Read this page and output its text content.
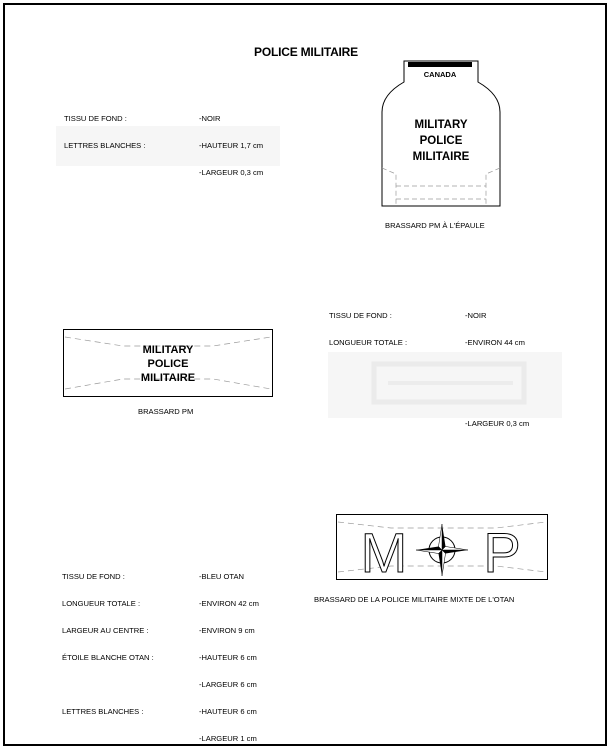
POLICE MILITAIRE

TISSU DE FOND :

LETTRES BLANCHES :

-NOIR

-HAUTEUR 1,7 cm

-LARGEUR 0,3 cm

CANADA
MILITARY
POLICE
MILITAIRE
BRASSARD PM À L'ÉPAULE

TISSU DE FOND :

LONGUEUR TOTALE :

-NOIR

-ENVIRON 44 cm

-LARGEUR 0,3 cm

MILITARY
POLICE
MILITAIRE
BRASSARD PM

TISSU DE FOND :

LONGUEUR TOTALE :

LARGEUR AU CENTRE :

ÉTOILE BLANCHE OTAN :

LETTRES BLANCHES :

-BLEU OTAN

-ENVIRON 42 cm

-ENVIRON 9 cm

-HAUTEUR 6 cm

-LARGEUR 6 cm

-HAUTEUR 6 cm

-LARGEUR 1 cm

M P
BRASSARD DE LA POLICE MILITAIRE MIXTE DE L'OTAN
